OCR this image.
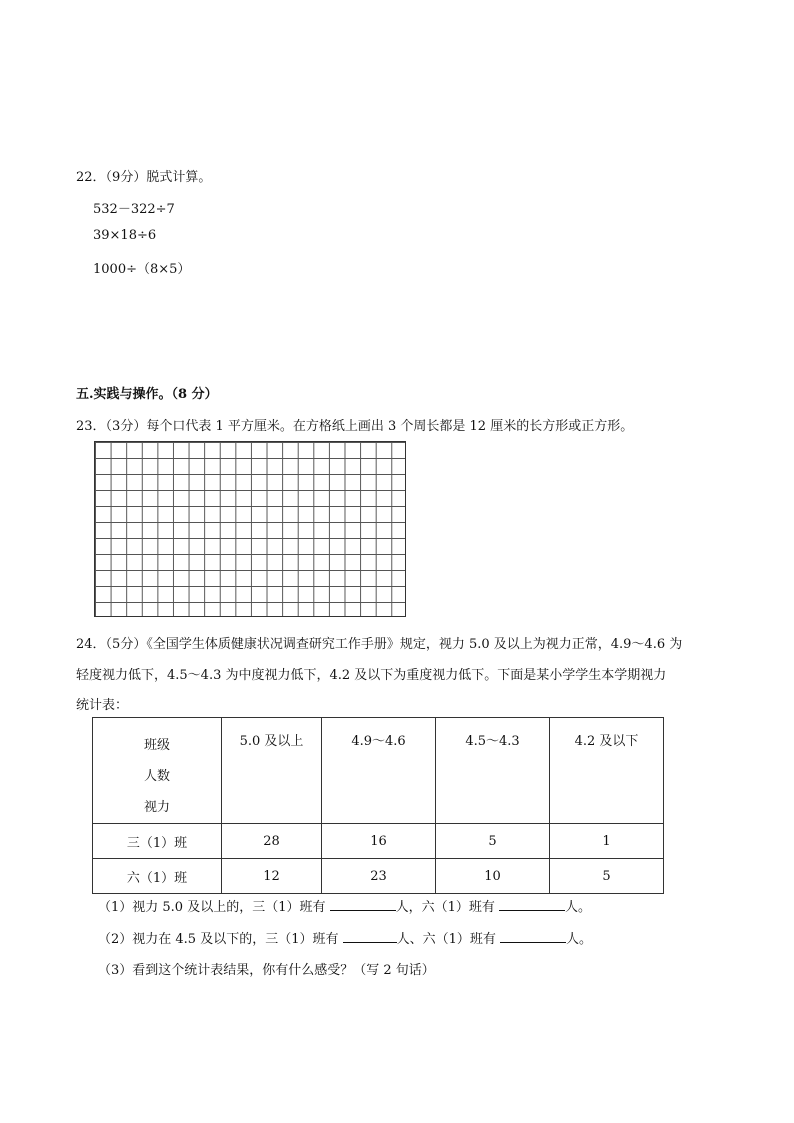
22．（9分）脱式计算。
532－322÷7
39×18÷6
1000÷（8×5）
五.实践与操作。（8 分）
23．（3分）每个口代表 1 平方厘米。在方格纸上画出 3 个周长都是 12 厘米的长方形或正方形。
24．（5分）《全国学生体质健康状况调查研究工作手册》规定，视力 5.0 及以上为视力正常，4.9～4.6 为
轻度视力低下，4.5～4.3 为中度视力低下，4.2 及以下为重度视力低下。下面是某小学学生本学期视力
统计表：
班级
人数
视力	5.0 及以上	4.9～4.6	4.5～4.3	4.2 及以下

三（1）班	28	16	5	1
六（1）班	12	23	10	5
（1）视力 5.0 及以上的，三（1）班有	人，六（1）班有	人。
（2）视力在 4.5 及以下的，三（1）班有	人、六（1）班有	人。
（3）看到这个统计表结果，你有什么感受？（写 2 句话）
